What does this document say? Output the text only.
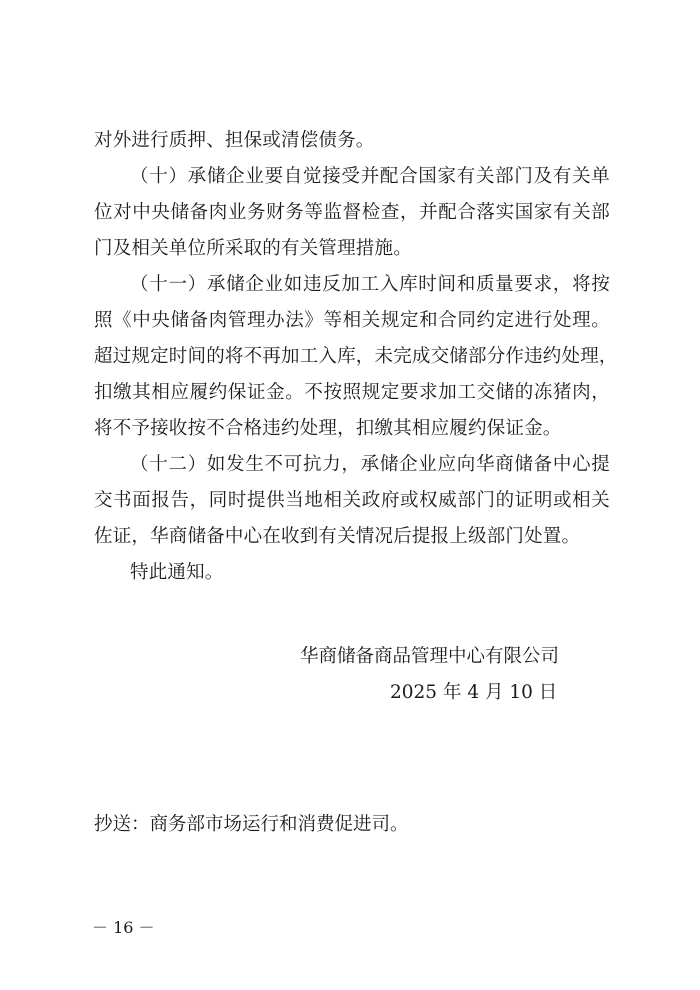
对外进行质押、担保或清偿债务。
（十）承储企业要自觉接受并配合国家有关部门及有关单
位对中央储备肉业务财务等监督检查，并配合落实国家有关部
门及相关单位所采取的有关管理措施。
（十一）承储企业如违反加工入库时间和质量要求，将按
照《中央储备肉管理办法》等相关规定和合同约定进行处理。
超过规定时间的将不再加工入库，未完成交储部分作违约处理，
扣缴其相应履约保证金。不按照规定要求加工交储的冻猪肉，
将不予接收按不合格违约处理，扣缴其相应履约保证金。
（十二）如发生不可抗力，承储企业应向华商储备中心提
交书面报告，同时提供当地相关政府或权威部门的证明或相关
佐证，华商储备中心在收到有关情况后提报上级部门处置。
特此通知。
华商储备商品管理中心有限公司
2025 年 4 月 10 日
抄送：商务部市场运行和消费促进司。
－ 16 －
